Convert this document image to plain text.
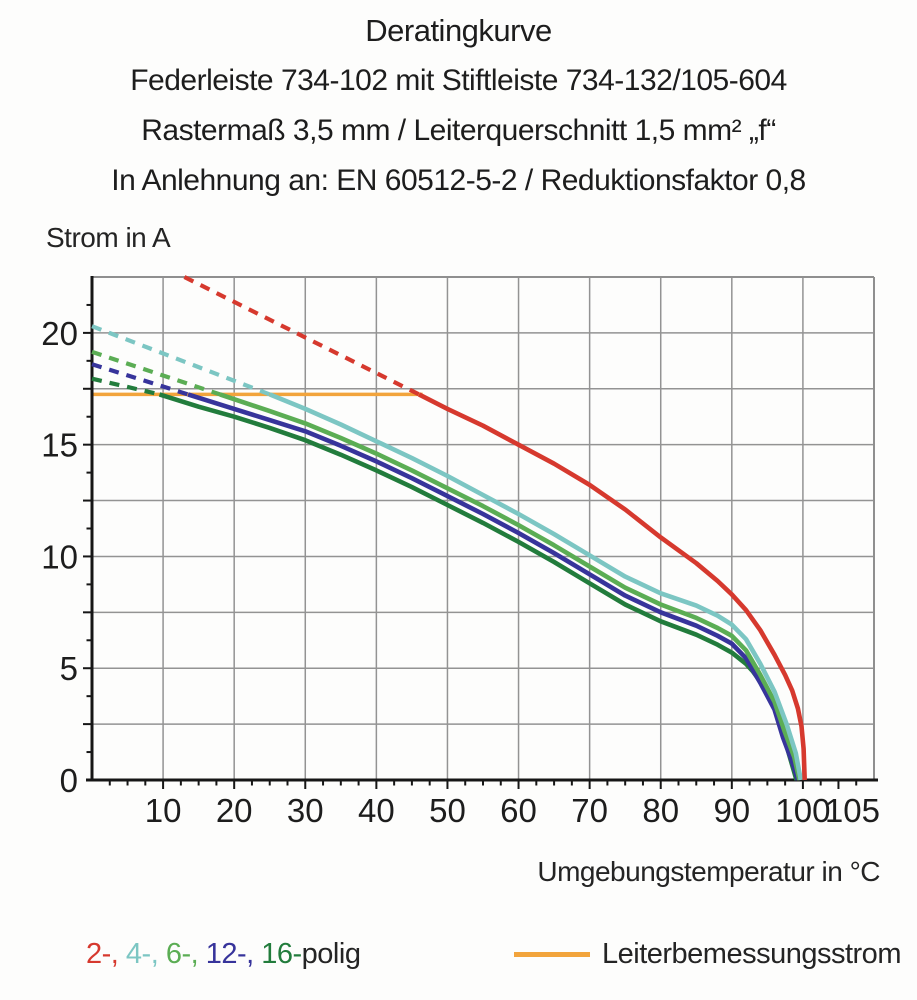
Deratingkurve
Federleiste 734-102 mit Stiftleiste 734-132/105-604
Rastermaß 3,5 mm / Leiterquerschnitt 1,5 mm² „f“
In Anlehnung an: EN 60512-5-2 / Reduktionsfaktor 0,8
Strom in A
0
5
10
15
20
10 20 30 40 50 60 70 80 90 100
105
Umgebungstemperatur in °C
2-, 4-, 6-, 12-, 16-polig	Leiterbemessungsstrom
